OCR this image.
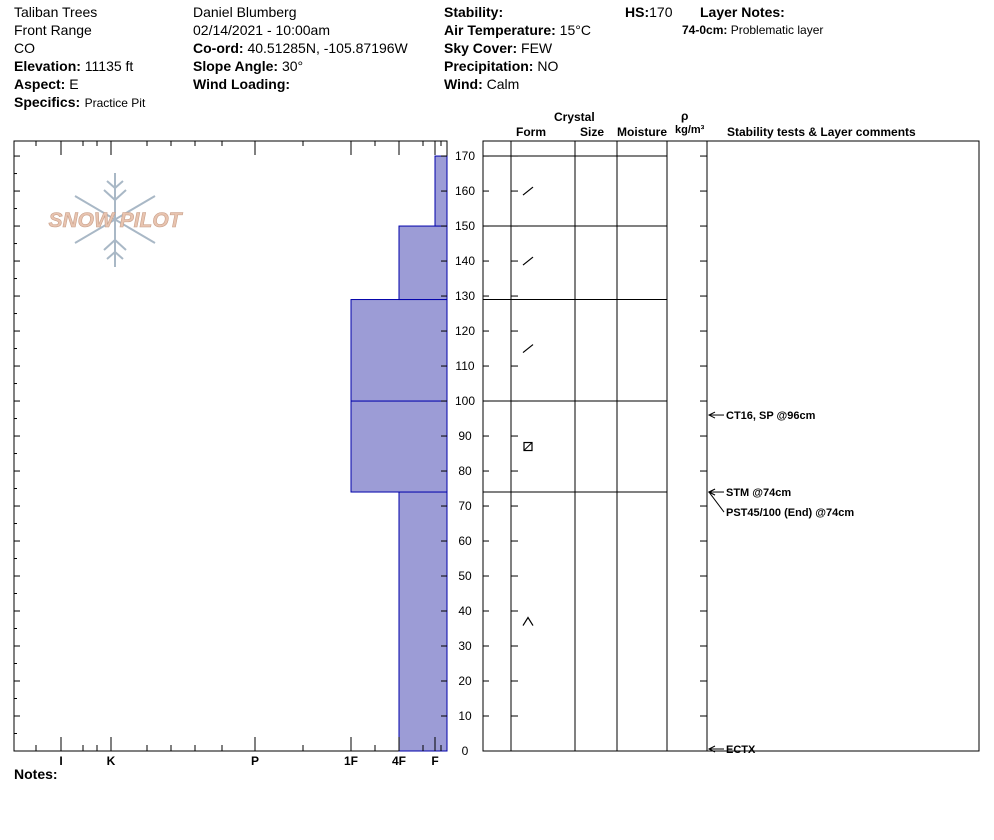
Taliban Trees
Front Range
CO
Elevation: 11135 ft
Aspect: E
Specifics: Practice Pit
Daniel Blumberg
02/14/2021 - 10:00am
Co-ord: 40.51285N, -105.87196W
Slope Angle: 30°
Wind Loading:
Stability:
Air Temperature: 15°C
Sky Cover: FEW
Precipitation: NO
Wind: Calm
HS:170 Layer Notes:
74-0cm: Problematic layer
Crystal
Form	Size Moisture
ρ
kg/m³ Stability tests & Layer comments
Notes:
SNOW PILOT
I	K	P	1F	4F F
0
10
20
30
40
50
60
70
80
90
100
110
120
130
140
150
160
170
CT16, SP @96cm
STM @74cm
PST45/100 (End) @74cm
ECTX
